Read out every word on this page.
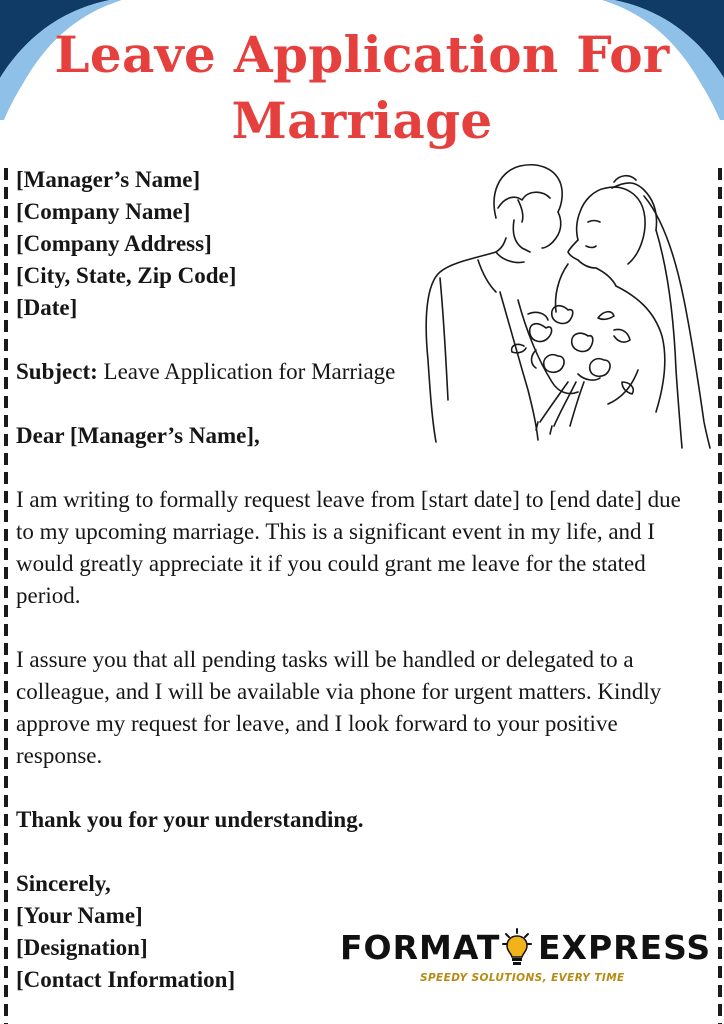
Leave Application For
Marriage
[Manager’s Name]
[Company Name]
[Company Address]
[City, State, Zip Code]
[Date]
Subject: Leave Application for Marriage
Dear [Manager’s Name],

I am writing to formally request leave from [start date] to [end date] due
to my upcoming marriage. This is a significant event in my life, and I
would greatly appreciate it if you could grant me leave for the stated
period.

I assure you that all pending tasks will be handled or delegated to a
colleague, and I will be available via phone for urgent matters. Kindly
approve my request for leave, and I look forward to your positive
response.

Thank you for your understanding.
Sincerely,
[Your Name]
[Designation]
[Contact Information]
FORMAT EXPRESS
SPEEDY SOLUTIONS, EVERY TIME
